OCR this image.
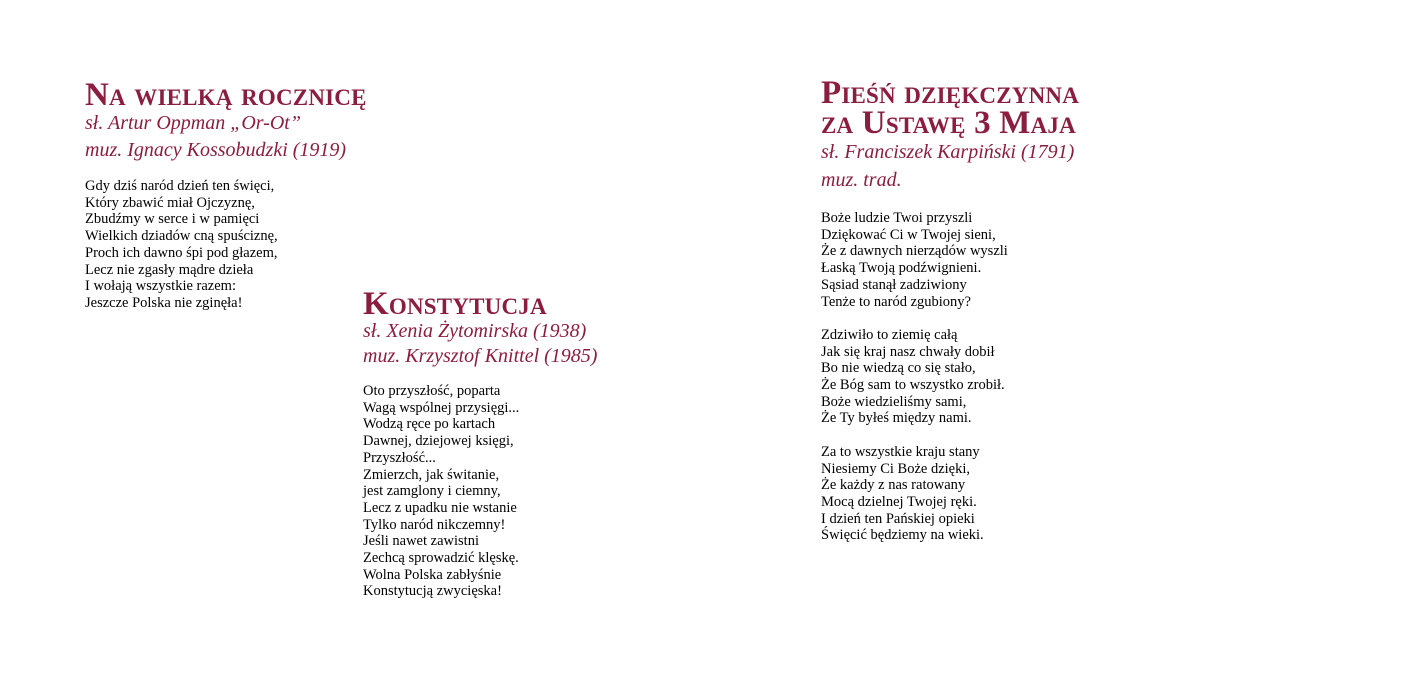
Na wielką rocznicę

sł. Artur Oppman „Or-Ot”

muz. Ignacy Kossobudzki (1919)

Gdy dziś naród dzień ten święci,
Który zbawić miał Ojczyznę,
Zbudźmy w serce i w pamięci
Wielkich dziadów cną spuściznę,
Proch ich dawno śpi pod głazem,
Lecz nie zgasły mądre dzieła
I wołają wszystkie razem:
Jeszcze Polska nie zginęła!	Konstytucja

sł. Xenia Żytomirska (1938)

muz. Krzysztof Knittel (1985)

Oto przyszłość, poparta
Wagą wspólnej przysięgi...
Wodzą ręce po kartach
Dawnej, dziejowej księgi,
Przyszłość...
Zmierzch, jak świtanie,
jest zamglony i ciemny,
Lecz z upadku nie wstanie
Tylko naród nikczemny!
Jeśli nawet zawistni
Zechcą sprowadzić klęskę.
Wolna Polska zabłyśnie
Konstytucją zwycięska!

Pieśń dziękczynna
za Ustawę 3 Maja

sł. Franciszek Karpiński (1791)

muz. trad.

Boże ludzie Twoi przyszli
Dziękować Ci w Twojej sieni,
Że z dawnych nierządów wyszli
Łaską Twoją podźwignieni.
Sąsiad stanął zadziwiony
Tenże to naród zgubiony?

Zdziwiło to ziemię całą
Jak się kraj nasz chwały dobił
Bo nie wiedzą co się stało,
Że Bóg sam to wszystko zrobił.
Boże wiedzieliśmy sami,
Że Ty byłeś między nami.

Za to wszystkie kraju stany
Niesiemy Ci Boże dzięki,
Że każdy z nas ratowany
Mocą dzielnej Twojej ręki.
I dzień ten Pańskiej opieki
Święcić będziemy na wieki.
